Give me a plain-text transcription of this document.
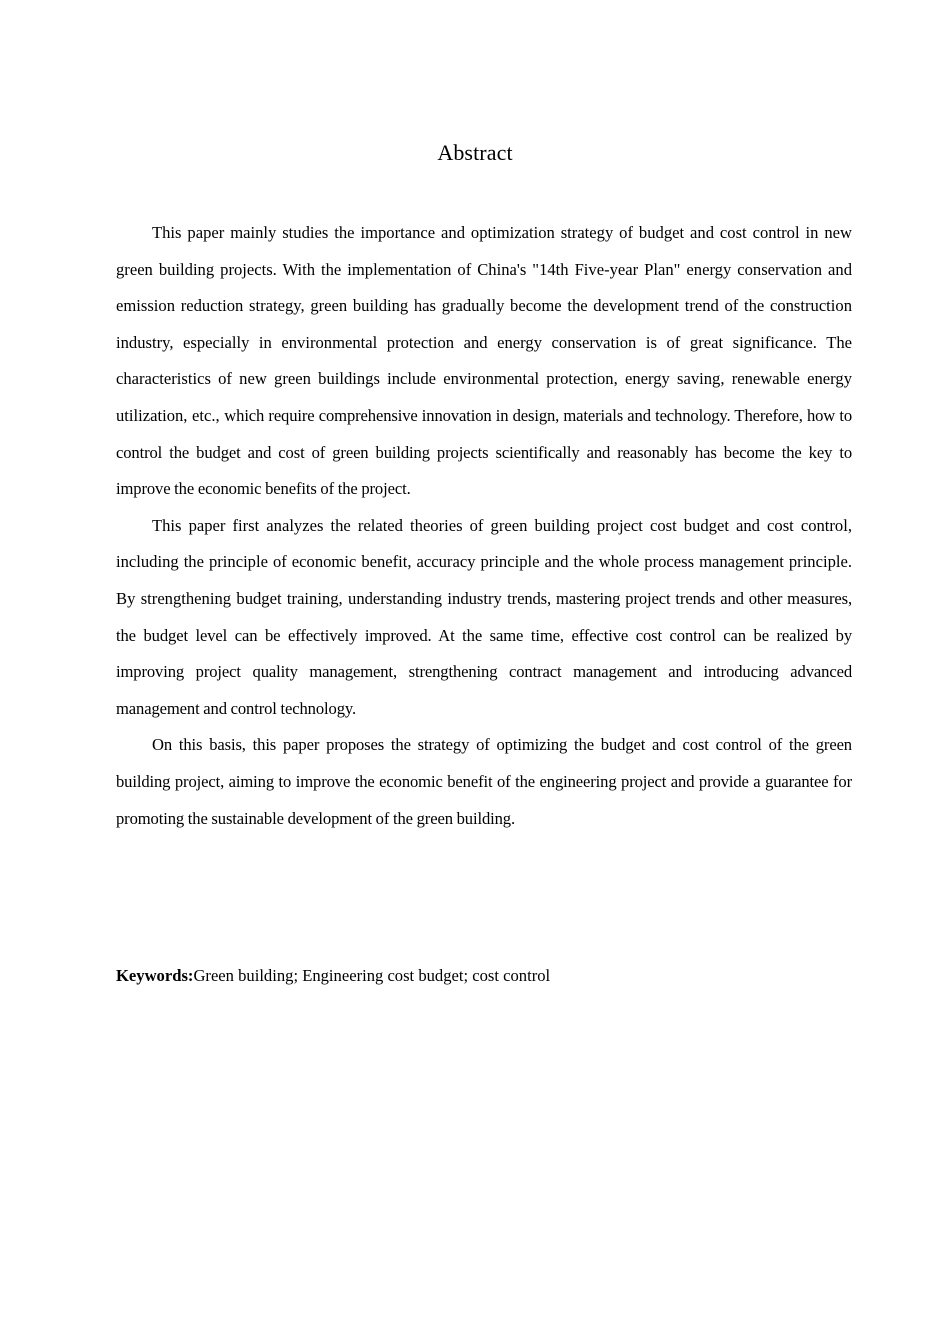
Abstract

This paper mainly studies the importance and optimization strategy of budget and cost control in new green building projects. With the implementation of China's "14th Five-year Plan" energy conservation and emission reduction strategy, green building has gradually become the development trend of the construction industry, especially in environmental protection and energy conservation is of great significance. The characteristics of new green buildings include environmental protection, energy saving, renewable energy utilization, etc., which require comprehensive innovation in design, materials and technology. Therefore, how to control the budget and cost of green building projects scientifically and reasonably has become the key to improve the economic benefits of the project.

This paper first analyzes the related theories of green building project cost budget and cost control, including the principle of economic benefit, accuracy principle and the whole process management principle. By strengthening budget training, understanding industry trends, mastering project trends and other measures, the budget level can be effectively improved. At the same time, effective cost control can be realized by improving project quality management, strengthening contract management and introducing advanced management and control technology.

On this basis, this paper proposes the strategy of optimizing the budget and cost control of the green building project, aiming to improve the economic benefit of the engineering project and provide a guarantee for promoting the sustainable development of the green building.

Keywords:Green building; Engineering cost budget; cost control
